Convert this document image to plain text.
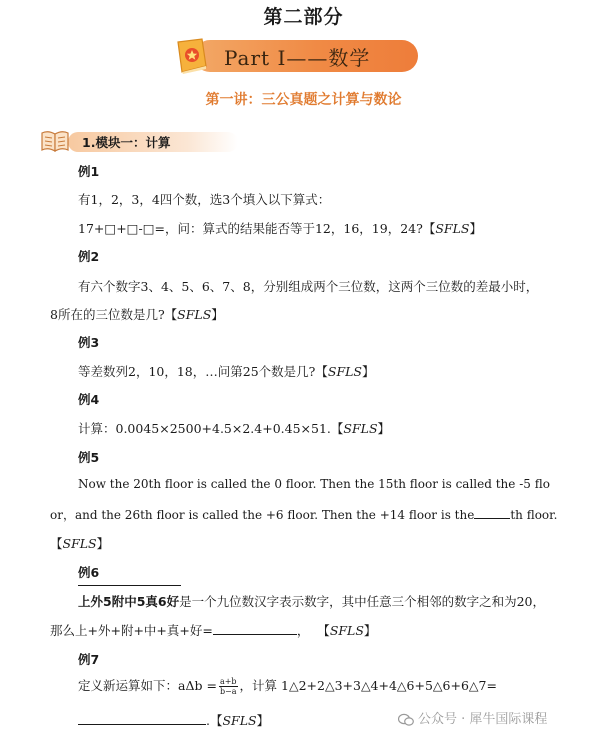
第二部分
Part I——数学
第一讲：三公真题之计算与数论
1.模块一：计算
例1
有1，2，3，4四个数，选3个填入以下算式：
17+□+□-□=，问：算式的结果能否等于12，16，19，24?【SFLS】
例2
有六个数字3、4、5、6、7、8，分别组成两个三位数，这两个三位数的差最小时，
8所在的三位数是几?【SFLS】
例3
等差数列2，10，18，…问第25个数是几?【SFLS】
例4
计算：0.0045×2500+4.5×2.4+0.45×51.【SFLS】
例5
Now the 20th floor is called the 0 floor. Then the 15th floor is called the -5 flo
or，and the 26th floor is called the +6 floor. Then the +14 floor is the	th floor.
【SFLS】
例6
上外5附中5真6好是一个九位数汉字表示数字，其中任意三个相邻的数字之和为20，
那么上+外+附+中+真+好=	，  【SFLS】
例7
定义新运算如下：$a\Delta b = \frac{a+b}{b-a}$ ，计算 1△2+2△3+3△4+4△6+5△6+6△7=
.【SFLS】	公众号 · 犀牛国际课程
